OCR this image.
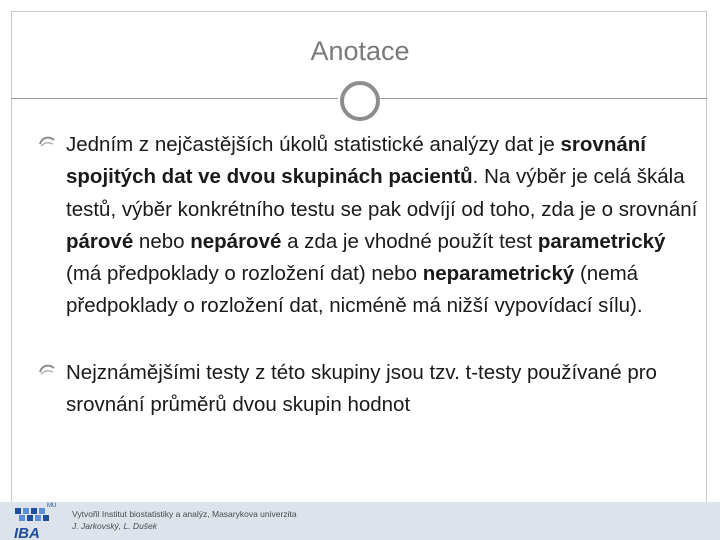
Anotace
Jedním z nejčastějších úkolů statistické analýzy dat je srovnání spojitých dat ve dvou skupinách pacientů. Na výběr je celá škála testů, výběr konkrétního testu se pak odvíjí od toho, zda je o srovnání párové nebo nepárové a zda je vhodné použít test parametrický (má předpoklady o rozložení dat) nebo neparametrický (nemá předpoklady o rozložení dat, nicméně má nižší vypovídací sílu).
Nejznámějšími testy z této skupiny jsou tzv. t-testy používané pro srovnání průměrů dvou skupin hodnot
MU
IBA
Vytvořil Institut biostatistiky a analýz, Masarykova univerzita
J. Jarkovský, L. Dušek
